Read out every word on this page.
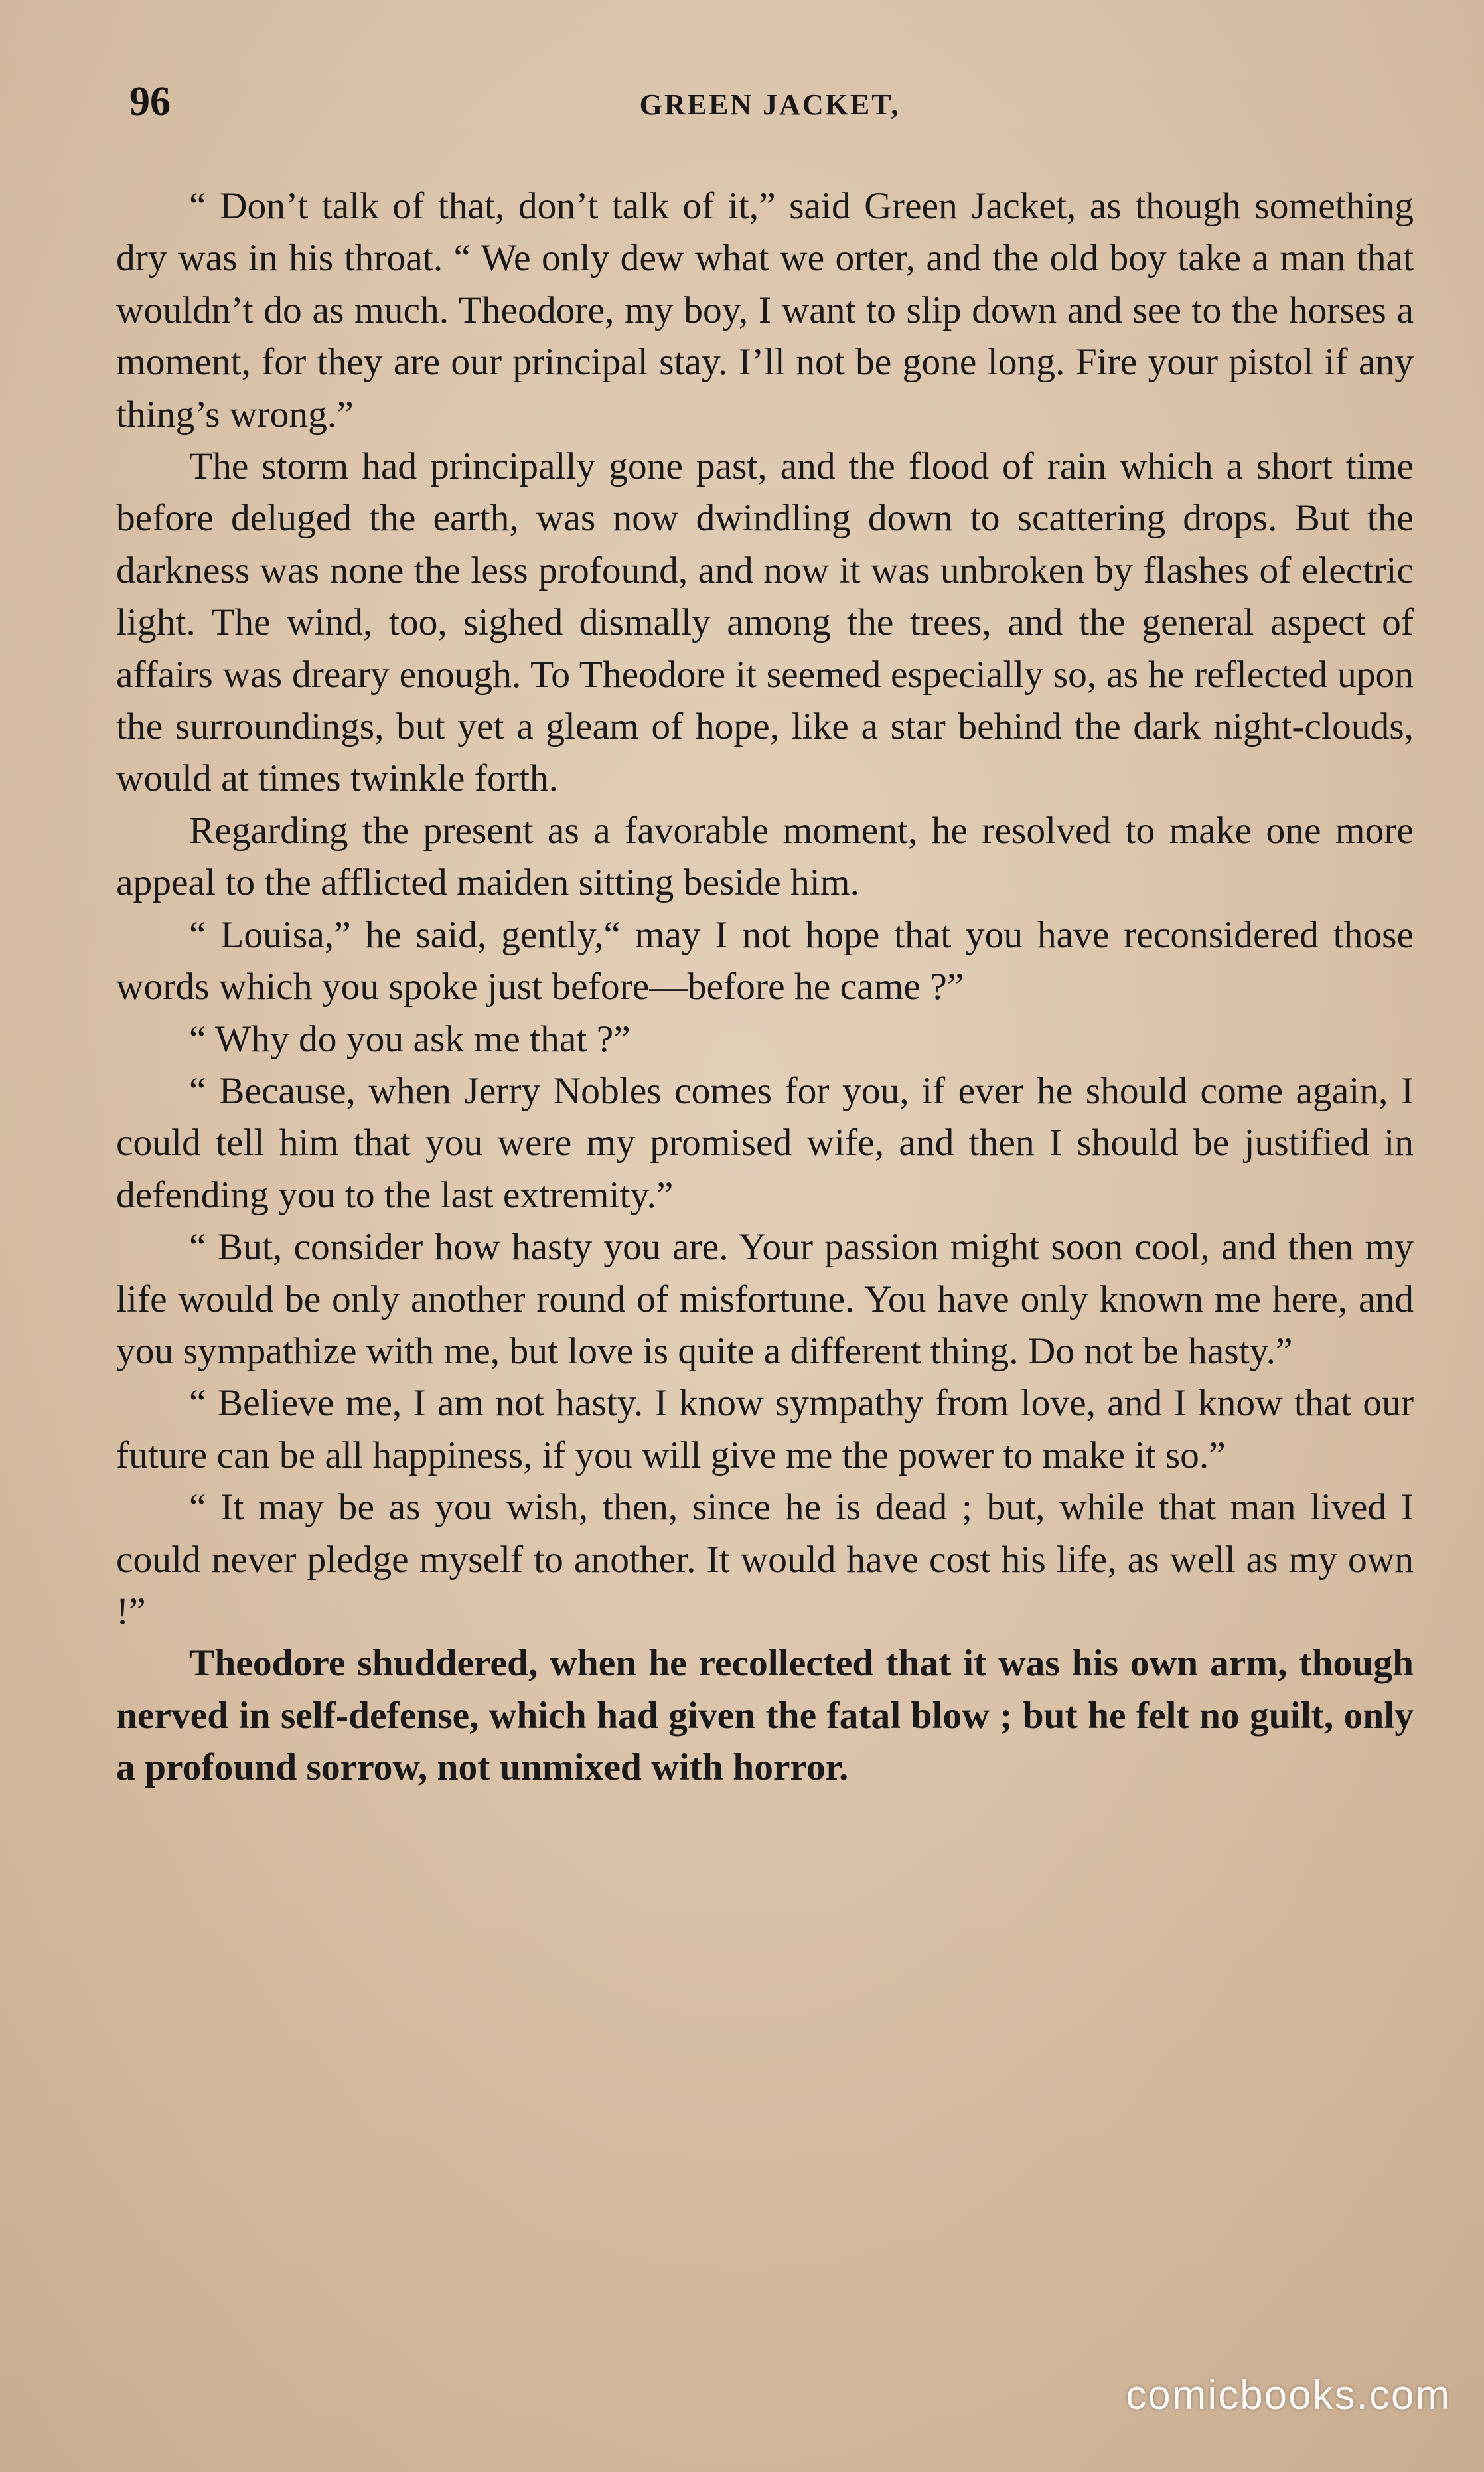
96	GREEN JACKET,

“ Don’t talk of that, don’t talk of it,” said Green Jacket, as though something dry was in his throat. “ We only dew what we orter, and the old boy take a man that wouldn’t do as much. Theodore, my boy, I want to slip down and see to the horses a moment, for they are our principal stay. I’ll not be gone long. Fire your pistol if any thing’s wrong.”

The storm had principally gone past, and the flood of rain which a short time before deluged the earth, was now dwindling down to scattering drops. But the darkness was none the less profound, and now it was unbroken by flashes of electric light. The wind, too, sighed dismally among the trees, and the general aspect of affairs was dreary enough. To Theodore it seemed especially so, as he reflected upon the surroundings, but yet a gleam of hope, like a star behind the dark night-clouds, would at times twinkle forth.

Regarding the present as a favorable moment, he resolved to make one more appeal to the afflicted maiden sitting beside him.

“ Louisa,” he said, gently,“ may I not hope that you have reconsidered those words which you spoke just before—before he came ?”

“ Why do you ask me that ?”

“ Because, when Jerry Nobles comes for you, if ever he should come again, I could tell him that you were my promised wife, and then I should be justified in defending you to the last extremity.”

“ But, consider how hasty you are. Your passion might soon cool, and then my life would be only another round of misfortune. You have only known me here, and you sympathize with me, but love is quite a different thing. Do not be hasty.”

“ Believe me, I am not hasty. I know sympathy from love, and I know that our future can be all happiness, if you will give me the power to make it so.”

“ It may be as you wish, then, since he is dead ; but, while that man lived I could never pledge myself to another. It would have cost his life, as well as my own !”

Theodore shuddered, when he recollected that it was his own arm, though nerved in self-defense, which had given the fatal blow ; but he felt no guilt, only a profound sorrow, not unmixed with horror.

comicbooks.com
